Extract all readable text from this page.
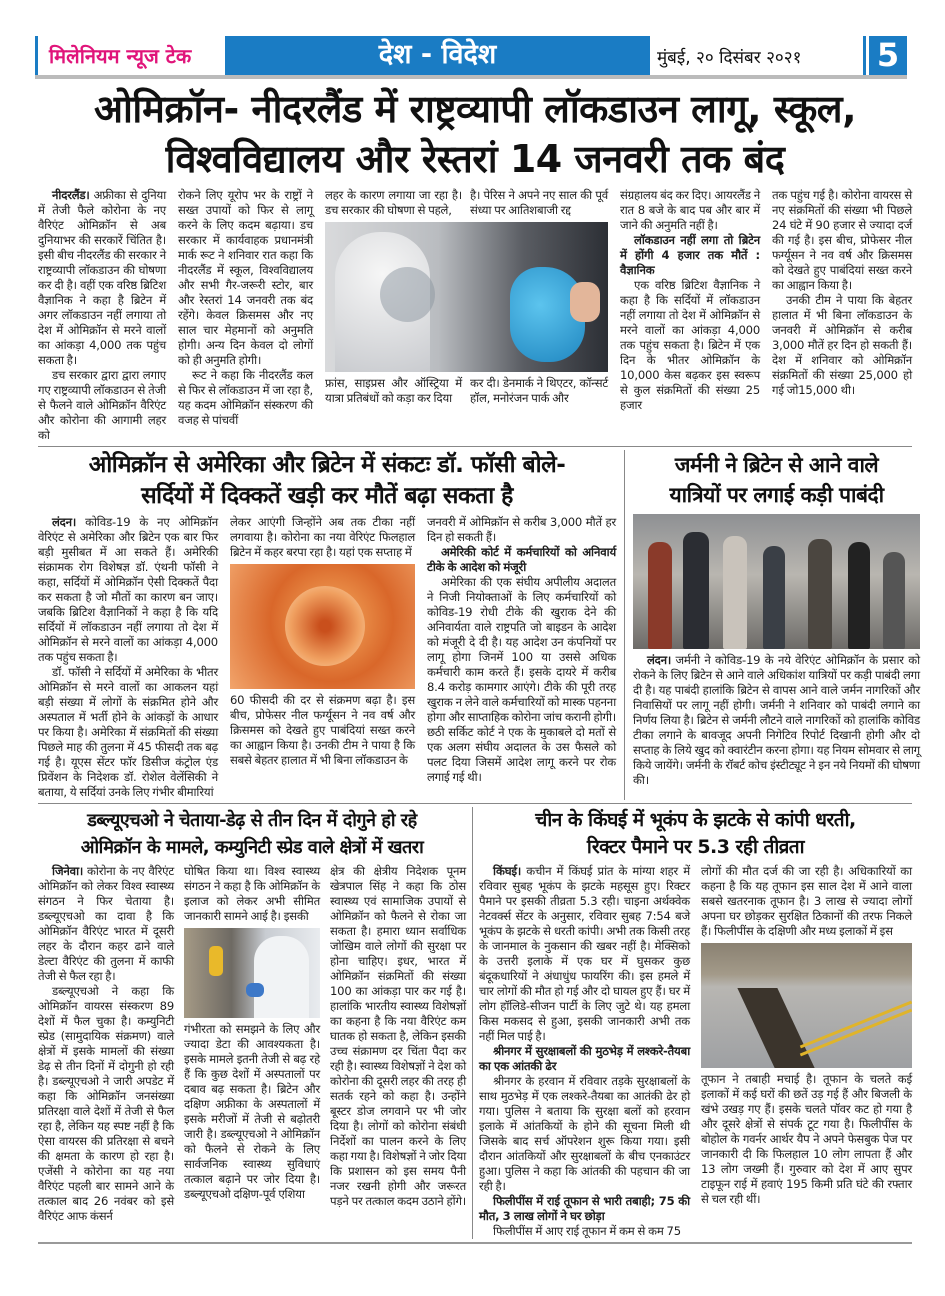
मिलेनियम न्यूज टेक	देश - विदेश	मुंबई, २० दिसंबर २०२१ 5
ओमिक्रॉन- नीदरलैंड में राष्ट्रव्यापी लॉकडाउन लागू, स्कूल,
विश्वविद्यालय और रेस्तरां 14 जनवरी तक बंद

नीदरलैंड। अफ्रीका से दुनिया में तेजी फैले कोरोना के नए वैरिएंट ओमिक्रॉन से अब दुनियाभर की सरकारें चिंतित है। इसी बीच नीदरलैंड की सरकार ने राष्ट्रव्यापी लॉकडाउन की घोषणा कर दी है। वहीं एक वरिष्ठ ब्रिटिश वैज्ञानिक ने कहा है ब्रिटेन में अगर लॉकडाउन नहीं लगाया तो देश में ओमिक्रॉन से मरने वालों का आंकड़ा 4,000 तक पहुंच सकता है।

डच सरकार द्वारा द्वारा लगाए गए राष्ट्रव्यापी लॉकडाउन से तेजी से फैलने वाले ओमिक्रॉन वैरिएंट और कोरोना की आगामी लहर को

रोकने लिए यूरोप भर के राष्ट्रों ने सख्त उपायों को फिर से लागू करने के लिए कदम बढ़ाया। डच सरकार में कार्यवाहक प्रधानमंत्री मार्क रूट ने शनिवार रात कहा कि नीदरलैंड में स्कूल, विश्वविद्यालय और सभी गैर-जरूरी स्टोर, बार और रेस्तरां 14 जनवरी तक बंद रहेंगे। केवल क्रिसमस और नए साल चार मेहमानों को अनुमति होगी। अन्य दिन केवल दो लोगों को ही अनुमति होगी।

रूट ने कहा कि नीदरलैंड कल से फिर से लॉकडाउन में जा रहा है, यह कदम ओमिक्रॉन संस्करण की वजह से पांचवीं

लहर के कारण लगाया जा रहा है। डच सरकार की घोषणा से पहले,

है। पेरिस ने अपने नए साल की पूर्व संध्या पर आतिशबाजी रद्द

फ्रांस, साइप्रस और ऑस्ट्रिया में यात्रा प्रतिबंधों को कड़ा कर दिया

कर दी। डेनमार्क ने थिएटर, कॉन्सर्ट हॉल, मनोरंजन पार्क और

संग्रहालय बंद कर दिए। आयरलैंड ने रात 8 बजे के बाद पब और बार में जाने की अनुमति नहीं है।

लॉकडाउन नहीं लगा तो ब्रिटेन में होंगी 4 हजार तक मौतें : वैज्ञानिक

एक वरिष्ठ ब्रिटिश वैज्ञानिक ने कहा है कि सर्दियों में लॉकडाउन नहीं लगाया तो देश में ओमिक्रॉन से मरने वालों का आंकड़ा 4,000 तक पहुंच सकता है। ब्रिटेन में एक दिन के भीतर ओमिक्रॉन के 10,000 केस बढ़कर इस स्वरूप से कुल संक्रमितों की संख्या 25 हजार

तक पहुंच गई है। कोरोना वायरस से नए संक्रमितों की संख्या भी पिछले 24 घंटे में 90 हजार से ज्यादा दर्ज की गई है। इस बीच, प्रोफेसर नील फर्ग्यूसन ने नव वर्ष और क्रिसमस को देखते हुए पाबंदियां सख्त करने का आह्वान किया है।

उनकी टीम ने पाया कि बेहतर हालात में भी बिना लॉकडाउन के जनवरी में ओमिक्रॉन से करीब 3,000 मौतें हर दिन हो सकती हैं। देश में शनिवार को ओमिक्रॉन संक्रमितों की संख्या 25,000 हो गई जो15,000 थी।

ओमिक्रॉन से अमेरिका और ब्रिटेन में संकटः डॉ. फॉसी बोले-
सर्दियों में दिक्कतें खड़ी कर मौतें बढ़ा सकता है

लंदन। कोविड-19 के नए ओमिक्रॉन वेरिएंट से अमेरिका और ब्रिटेन एक बार फिर बड़ी मुसीबत में आ सकते हैं। अमेरिकी संक्रामक रोग विशेषज्ञ डॉ. एंथनी फॉसी ने कहा, सर्दियों में ओमिक्रॉन ऐसी दिक्कतें पैदा कर सकता है जो मौतों का कारण बन जाए। जबकि ब्रिटिश वैज्ञानिकों ने कहा है कि यदि सर्दियों में लॉकडाउन नहीं लगाया तो देश में ओमिक्रॉन से मरने वालों का आंकड़ा 4,000 तक पहुंच सकता है।

डॉ. फॉसी ने सर्दियों में अमेरिका के भीतर ओमिक्रॉन से मरने वालों का आकलन यहां बड़ी संख्या में लोगों के संक्रमित होने और अस्पताल में भर्ती होने के आंकड़ों के आधार पर किया है। अमेरिका में संक्रमितों की संख्या पिछले माह की तुलना में 45 फीसदी तक बढ़ गई है। यूएस सेंटर फॉर डिसीज कंट्रोल एंड प्रिवेंशन के निदेशक डॉ. रोशेल वेलेंसिकी ने बताया, ये सर्दियां उनके लिए गंभीर बीमारियां

लेकर आएंगी जिन्होंने अब तक टीका नहीं लगवाया है। कोरोना का नया वेरिएंट फिलहाल ब्रिटेन में कहर बरपा रहा है। यहां एक सप्ताह में

60 फीसदी की दर से संक्रमण बढ़ा है। इस बीच, प्रोफेसर नील फर्ग्यूसन ने नव वर्ष और क्रिसमस को देखते हुए पाबंदियां सख्त करने का आह्वान किया है। उनकी टीम ने पाया है कि सबसे बेहतर हालात में भी बिना लॉकडाउन के

जनवरी में ओमिक्रॉन से करीब 3,000 मौतें हर दिन हो सकती हैं।

अमेरिकी कोर्ट में कर्मचारियों को अनिवार्य टीके के आदेश को मंजूरी

अमेरिका की एक संघीय अपीलीय अदालत ने निजी नियोक्ताओं के लिए कर्मचारियों को कोविड-19 रोधी टीके की खुराक देने की अनिवार्यता वाले राष्ट्रपति जो बाइडन के आदेश को मंजूरी दे दी है। यह आदेश उन कंपनियों पर लागू होगा जिनमें 100 या उससे अधिक कर्मचारी काम करते हैं। इसके दायरे में करीब 8.4 करोड़ कामगार आएंगे। टीके की पूरी तरह खुराक न लेने वाले कर्मचारियों को मास्क पहनना होगा और साप्ताहिक कोरोना जांच करानी होगी। छठी सर्किट कोर्ट ने एक के मुकाबले दो मतों से एक अलग संघीय अदालत के उस फैसले को पलट दिया जिसमें आदेश लागू करने पर रोक लगाई गई थी।

जर्मनी ने ब्रिटेन से आने वाले
यात्रियों पर लगाई कड़ी पाबंदी

लंदन। जर्मनी ने कोविड-19 के नये वेरिएंट ओमिक्रॉन के प्रसार को रोकने के लिए ब्रिटेन से आने वाले अधिकांश यात्रियों पर कड़ी पाबंदी लगा दी है। यह पाबंदी हालांकि ब्रिटेन से वापस आने वाले जर्मन नागरिकों और निवासियों पर लागू नहीं होगी। जर्मनी ने शनिवार को पाबंदी लगाने का निर्णय लिया है। ब्रिटेन से जर्मनी लौटने वाले नागरिकों को हालांकि कोविड टीका लगाने के बावजूद अपनी निगेटिव रिपोर्ट दिखानी होगी और दो सप्ताह के लिये खुद को क्वारंटीन करना होगा। यह नियम सोमवार से लागू किये जायेंगे। जर्मनी के रॉबर्ट कोच इंस्टीट्यूट ने इन नये नियमों की घोषणा की।

डब्ल्यूएचओ ने चेताया-डेढ़ से तीन दिन में दोगुने हो रहे
ओमिक्रॉन के मामले, कम्युनिटी स्प्रेड वाले क्षेत्रों में खतरा

जिनेवा। कोरोना के नए वैरिएंट ओमिक्रॉन को लेकर विश्व स्वास्थ्य संगठन ने फिर चेताया है। डब्ल्यूएचओ का दावा है कि ओमिक्रॉन वैरिएंट भारत में दूसरी लहर के दौरान कहर ढाने वाले डेल्टा वैरिएंट की तुलना में काफी तेजी से फैल रहा है।

डब्ल्यूएचओ ने कहा कि ओमिक्रॉन वायरस संस्करण 89 देशों में फैल चुका है। कम्युनिटी स्प्रेड (सामुदायिक संक्रमण) वाले क्षेत्रों में इसके मामलों की संख्या डेढ़ से तीन दिनों में दोगुनी हो रही है। डब्ल्यूएचओ ने जारी अपडेट में कहा कि ओमिक्रॉन जनसंख्या प्रतिरक्षा वाले देशों में तेजी से फैल रहा है, लेकिन यह स्पष्ट नहीं है कि ऐसा वायरस की प्रतिरक्षा से बचने की क्षमता के कारण हो रहा है। एजेंसी ने कोरोना का यह नया वैरिएंट पहली बार सामने आने के तत्काल बाद 26 नवंबर को इसे वैरिएंट आफ कंसर्न

घोषित किया था। विश्व स्वास्थ्य संगठन ने कहा है कि ओमिक्रॉन के इलाज को लेकर अभी सीमित जानकारी सामने आई है। इसकी

गंभीरता को समझने के लिए और ज्यादा डेटा की आवश्यकता है। इसके मामले इतनी तेजी से बढ़ रहे हैं कि कुछ देशों में अस्पतालों पर दबाव बढ़ सकता है। ब्रिटेन और दक्षिण अफ्रीका के अस्पतालों में इसके मरीजों में तेजी से बढ़ोतरी जारी है। डब्ल्यूएचओ ने ओमिक्रॉन को फैलने से रोकने के लिए सार्वजनिक स्वास्थ्य सुविधाएं तत्काल बढ़ाने पर जोर दिया है। डब्ल्यूएचओ दक्षिण-पूर्व एशिया

क्षेत्र की क्षेत्रीय निदेशक पूनम खेत्रपाल सिंह ने कहा कि ठोस स्वास्थ्य एवं सामाजिक उपायों से ओमिक्रॉन को फैलने से रोका जा सकता है। हमारा ध्यान सर्वाधिक जोखिम वाले लोगों की सुरक्षा पर होना चाहिए। इधर, भारत में ओमिक्रॉन संक्रमितों की संख्या 100 का आंकड़ा पार कर गई है। हालांकि भारतीय स्वास्थ्य विशेषज्ञों का कहना है कि नया वैरिएंट कम घातक हो सकता है, लेकिन इसकी उच्च संक्रामण दर चिंता पैदा कर रही है। स्वास्थ्य विशेषज्ञों ने देश को कोरोना की दूसरी लहर की तरह ही सतर्क रहने को कहा है। उन्होंने बूस्टर डोज लगवाने पर भी जोर दिया है। लोगों को कोरोना संबंधी निर्देशों का पालन करने के लिए कहा गया है। विशेषज्ञों ने जोर दिया कि प्रशासन को इस समय पैनी नजर रखनी होगी और जरूरत पड़ने पर तत्काल कदम उठाने होंगे।

चीन के किंघई में भूकंप के झटके से कांपी धरती,
रिक्टर पैमाने पर 5.3 रही तीव्रता

किंघई। कचीन में किंघई प्रांत के मांग्या शहर में रविवार सुबह भूकंप के झटके महसूस हुए। रिक्टर पैमाने पर इसकी तीव्रता 5.3 रही। चाइना अर्थक्वेक नेटवर्क्स सेंटर के अनुसार, रविवार सुबह 7:54 बजे भूकंप के झटके से धरती कांपी। अभी तक किसी तरह के जानमाल के नुकसान की खबर नहीं है। मेक्सिको के उत्तरी इलाके में एक घर में घुसकर कुछ बंदूकधारियों ने अंधाधुंध फायरिंग की। इस हमले में चार लोगों की मौत हो गई और दो घायल हुए हैं। घर में लोग हॉलिडे-सीजन पार्टी के लिए जुटे थे। यह हमला किस मकसद से हुआ, इसकी जानकारी अभी तक नहीं मिल पाई है।

श्रीनगर में सुरक्षाबलों की मुठभेड़ में लश्करे-तैयबा का एक आंतकी ढेर

श्रीनगर के हरवान में रविवार तड़के सुरक्षाबलों के साथ मुठभेड़ में एक लश्करे-तैयबा का आतंकी ढेर हो गया। पुलिस ने बताया कि सुरक्षा बलों को हरवान इलाके में आंतकियों के होने की सूचना मिली थी जिसके बाद सर्च ऑपरेशन शुरू किया गया। इसी दौरान आंतकियों और सुरक्षाबलों के बीच एनकाउंटर हुआ। पुलिस ने कहा कि आंतकी की पहचान की जा रही है।

फिलीपींस में राई तूफान से भारी तबाही; 75 की मौत, 3 लाख लोगों ने घर छोड़ा

फिलीपींस में आए राई तूफान में कम से कम 75

लोगों की मौत दर्ज की जा रही है। अधिकारियों का कहना है कि यह तूफान इस साल देश में आने वाला सबसे खतरनाक तूफान है। 3 लाख से ज्यादा लोगों अपना घर छोड़कर सुरक्षित ठिकानों की तरफ निकले हैं। फिलीपींस के दक्षिणी और मध्य इलाकों में इस

तूफान ने तबाही मचाई है। तूफान के चलते कई इलाकों में कई घरों की छतें उड़ गई हैं और बिजली के खंभे उखड़ गए हैं। इसके चलते पॉवर कट हो गया है और दूसरे क्षेत्रों से संपर्क टूट गया है। फिलीपींस के बोहोल के गवर्नर आर्थर यैप ने अपने फेसबुक पेज पर जानकारी दी कि फिलहाल 10 लोग लापता हैं और 13 लोग जख्मी हैं। गुरुवार को देश में आए सुपर टाइफून राई में हवाएं 195 किमी प्रति घंटे की रफ्तार से चल रही थीं।
